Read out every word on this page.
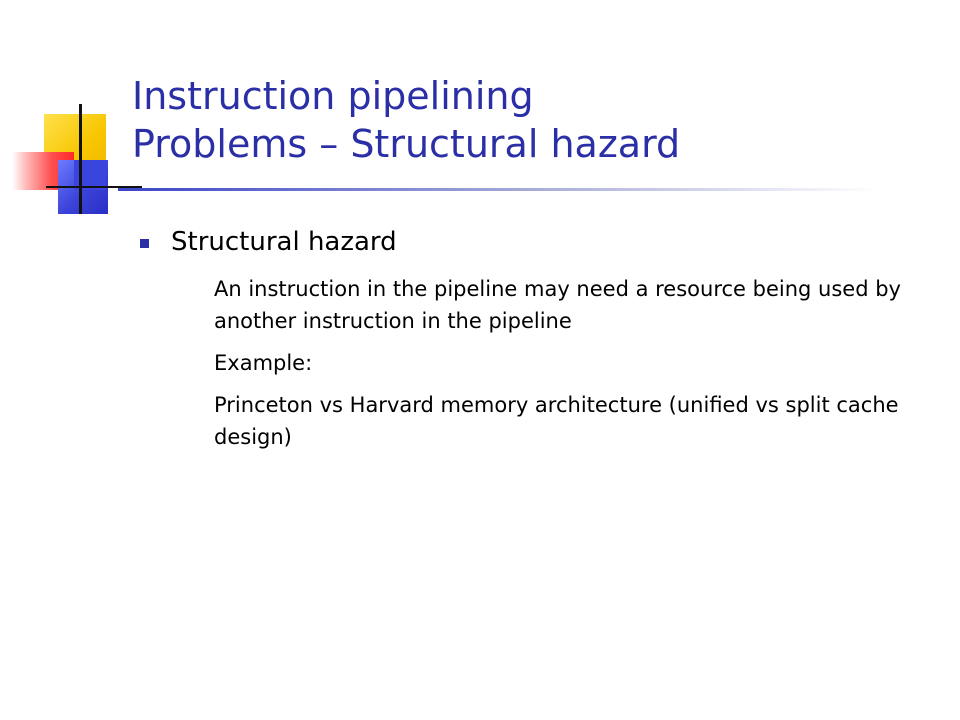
Instruction pipelining
Problems – Structural hazard
Structural hazard
An instruction in the pipeline may need a resource being used by another instruction in the pipeline
Example:
Princeton vs Harvard memory architecture (unified vs split cache design)
